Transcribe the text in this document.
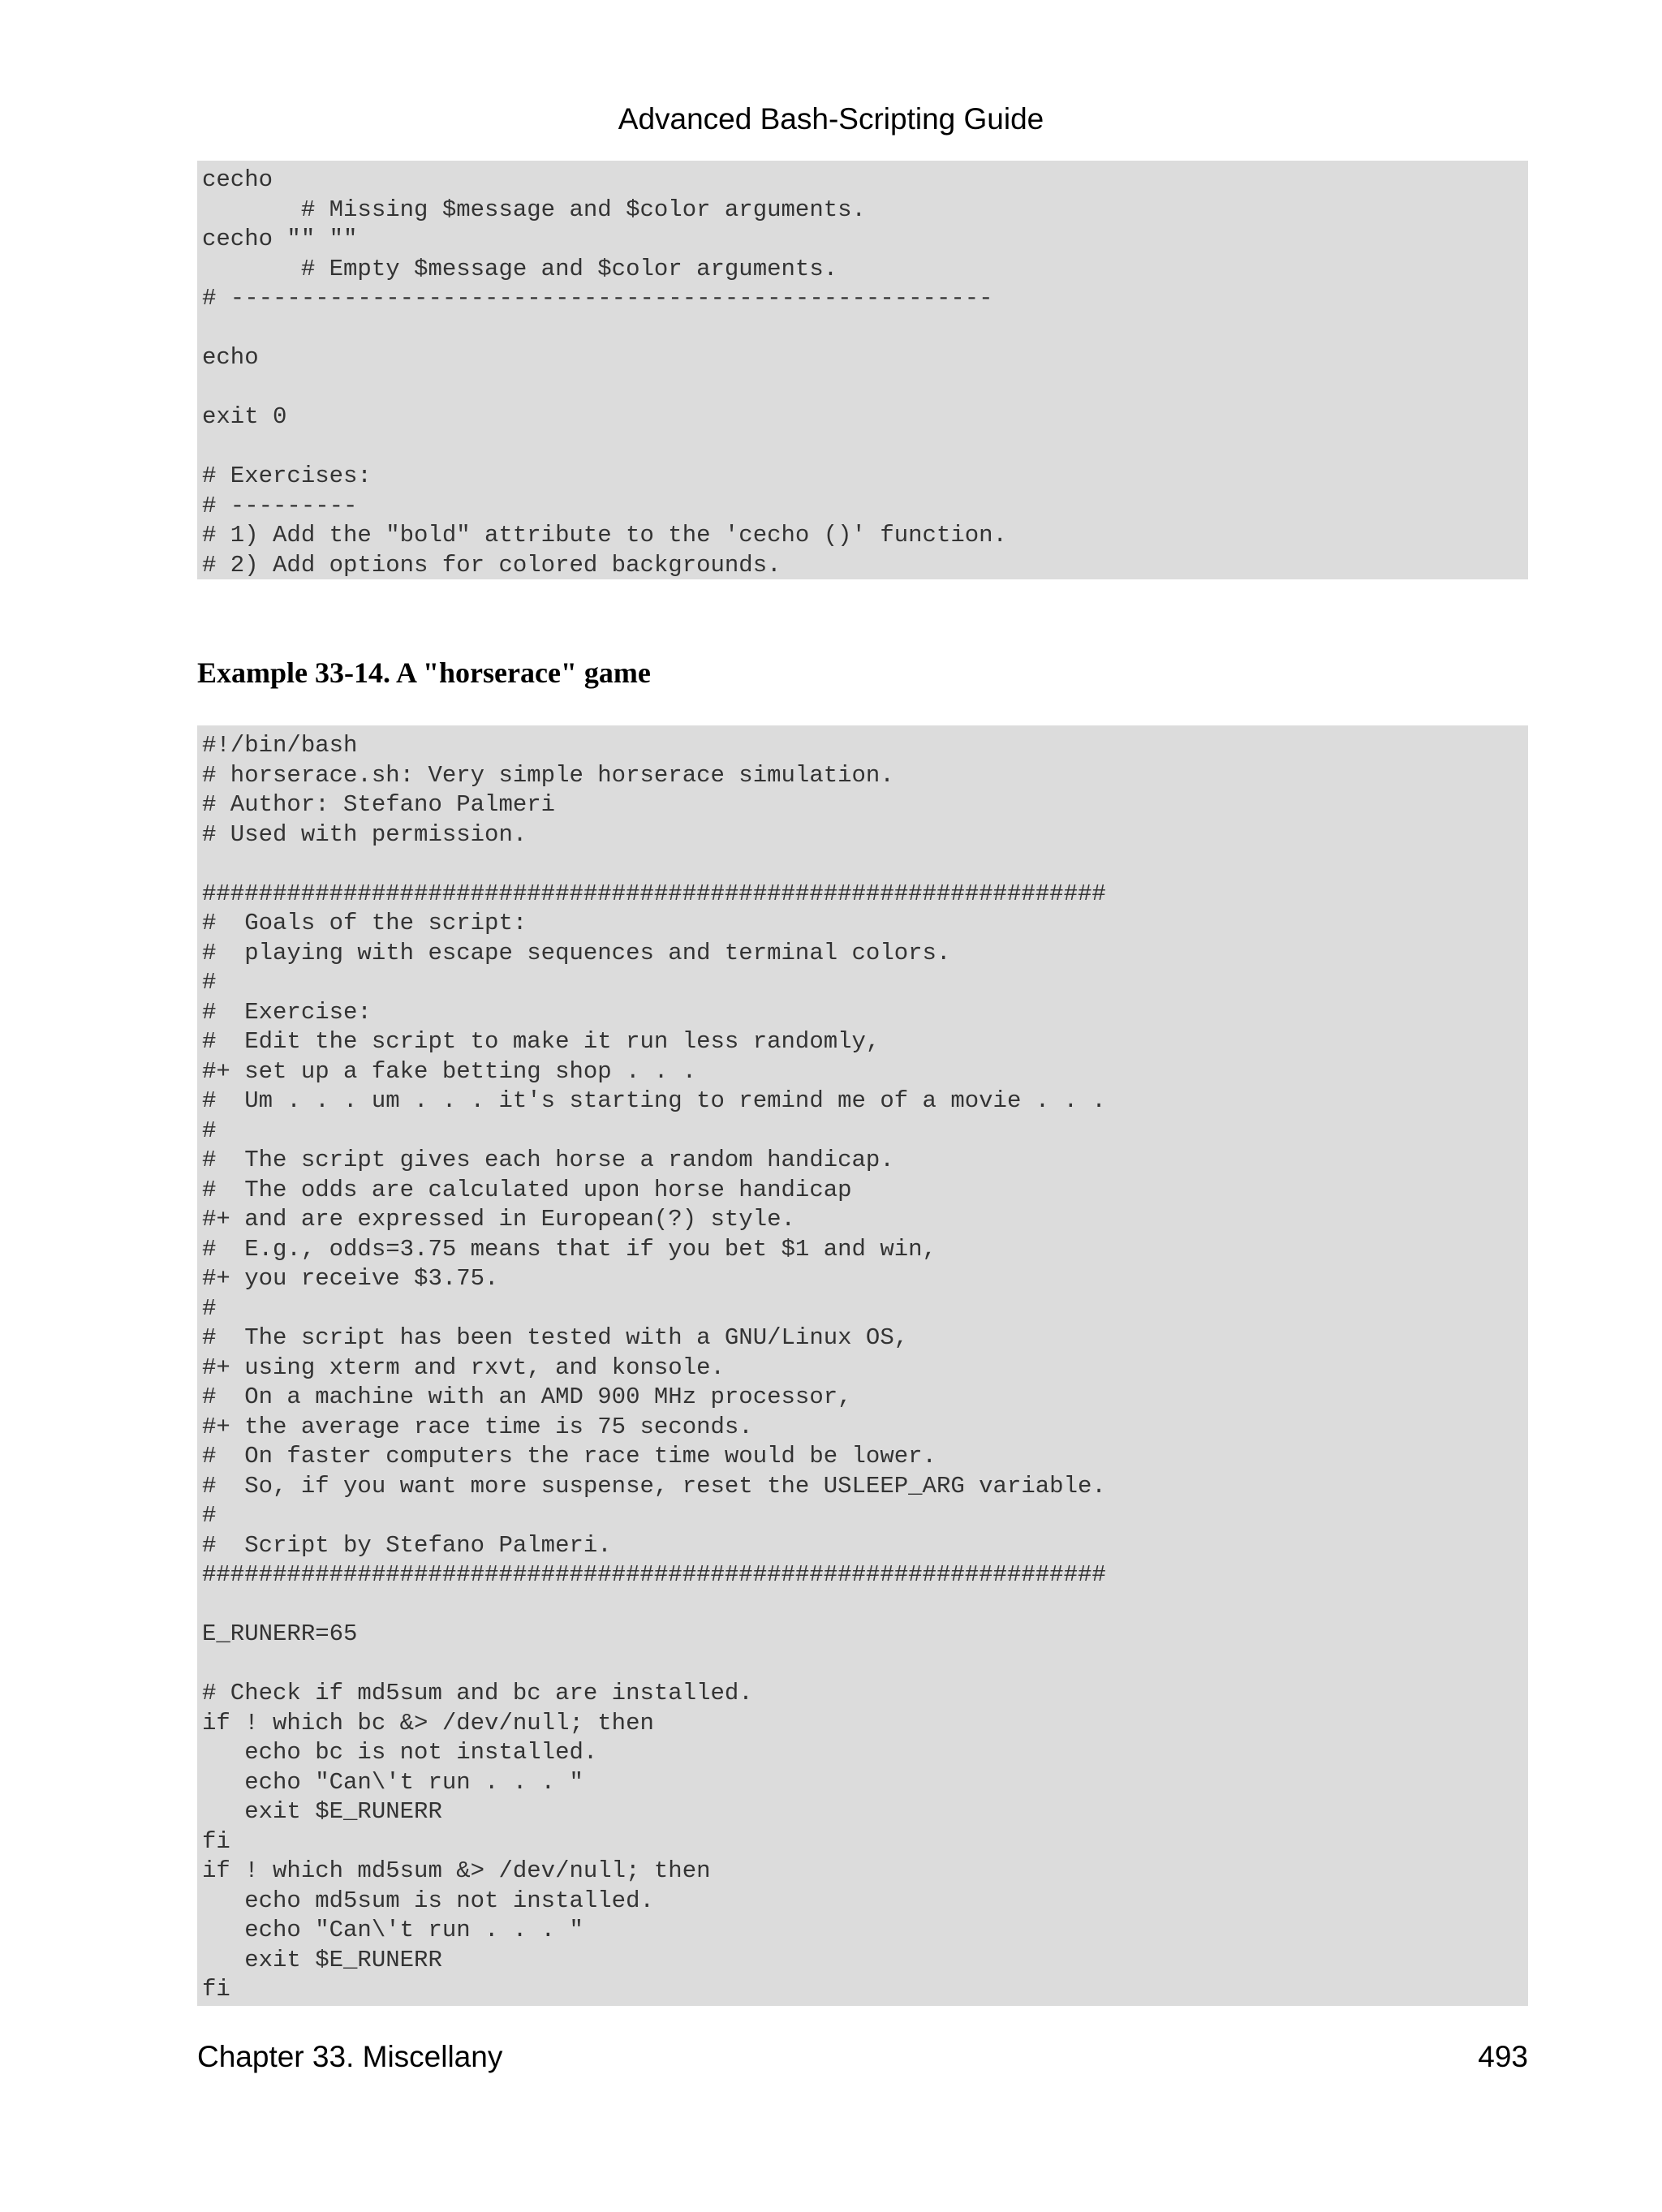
Advanced Bash-Scripting Guide
cecho
# Missing $message and $color arguments.
cecho "" ""
# Empty $message and $color arguments.
# ------------------------------------------------------
echo
exit 0
# Exercises:
# ---------
# 1) Add the "bold" attribute to the 'cecho ()' function.
# 2) Add options for colored backgrounds.
Example 33-14. A "horserace" game
#!/bin/bash
# horserace.sh: Very simple horserace simulation.
# Author: Stefano Palmeri
# Used with permission.
################################################################
#  Goals of the script:
#  playing with escape sequences and terminal colors.
#
#  Exercise:
#  Edit the script to make it run less randomly,
#+ set up a fake betting shop . . .
#  Um . . . um . . . it's starting to remind me of a movie . . .
#
#  The script gives each horse a random handicap.
#  The odds are calculated upon horse handicap
#+ and are expressed in European(?) style.
#  E.g., odds=3.75 means that if you bet $1 and win,
#+ you receive $3.75.
#
#  The script has been tested with a GNU/Linux OS,
#+ using xterm and rxvt, and konsole.
#  On a machine with an AMD 900 MHz processor,
#+ the average race time is 75 seconds.
#  On faster computers the race time would be lower.
#  So, if you want more suspense, reset the USLEEP_ARG variable.
#
#  Script by Stefano Palmeri.
################################################################
E_RUNERR=65
# Check if md5sum and bc are installed.
if ! which bc &> /dev/null; then
echo bc is not installed.
echo "Can\'t run . . . "
exit $E_RUNERR
fi
if ! which md5sum &> /dev/null; then
echo md5sum is not installed.
echo "Can\'t run . . . "
exit $E_RUNERR
fi
Chapter 33. Miscellany	493
